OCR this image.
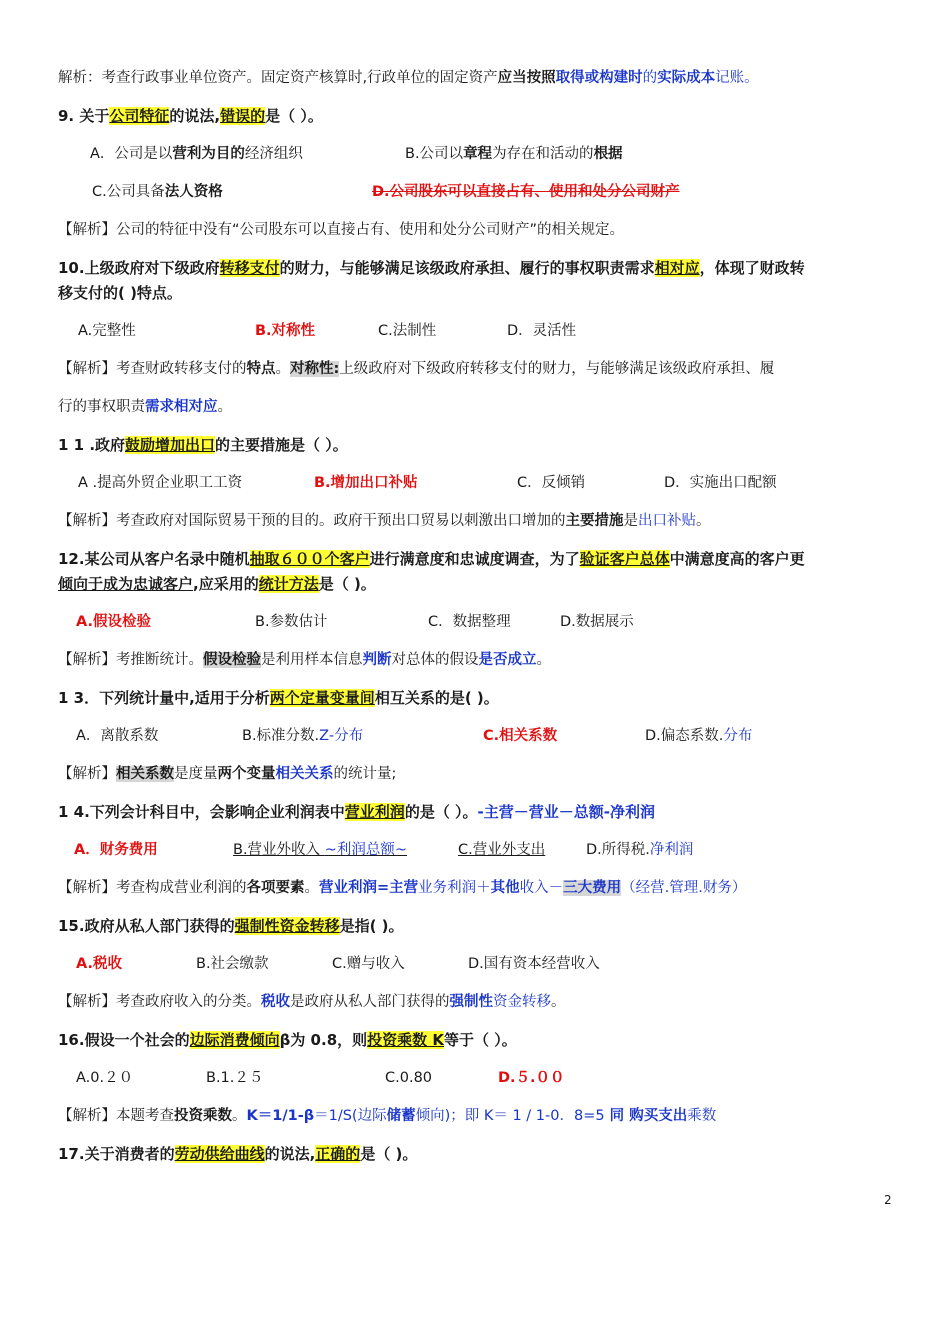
解析：考查行政事业单位资产。固定资产核算时,行政单位的固定资产应当按照取得或构建时的实际成本记账。
9. 关于公司特征的说法,错误的是（ ）。
A．公司是以营利为目的经济组织	B.公司以章程为存在和活动的根据
C.公司具备法人资格	D.公司股东可以直接占有、使用和处分公司财产
【解析】公司的特征中没有“公司股东可以直接占有、使用和处分公司财产”的相关规定。
10.上级政府对下级政府转移支付的财力，与能够满足该级政府承担、履行的事权职责需求相对应，体现了财政转
移支付的( )特点。
A.完整性	B.对称性	C.法制性	D．灵活性
【解析】考查财政转移支付的特点。对称性:上级政府对下级政府转移支付的财力，与能够满足该级政府承担、履
行的事权职责需求相对应。
1 1 .政府鼓励增加出口的主要措施是（ ）。
A .提高外贸企业职工工资	B.增加出口补贴	C．反倾销	D．实施出口配额
【解析】考查政府对国际贸易干预的目的。政府干预出口贸易以刺激出口增加的主要措施是出口补贴。
12.某公司从客户名录中随机抽取６００个客户进行满意度和忠诚度调查，为了验证客户总体中满意度高的客户更
倾向于成为忠诚客户,应采用的统计方法是（ )。
A.假设检验	B.参数估计	C．数据整理	D.数据展示
【解析】考推断统计。假设检验是利用样本信息判断对总体的假设是否成立。
1 3．下列统计量中,适用于分析两个定量变量间相互关系的是( )。
A．离散系数	B.标准分数.Z-分布	C.相关系数	D.偏态系数.分布
【解析】相关系数是度量两个变量相关关系的统计量;
1 4.下列会计科目中，会影响企业利润表中营业利润的是（ ）。-主营－营业－总额-净利润
A．财务费用	B.营业外收入 ~利润总额~	C.营业外支出	D.所得税.净利润
【解析】考查构成营业利润的各项要素。营业利润=主营业务利润＋其他收入－三大费用（经营.管理.财务）
15.政府从私人部门获得的强制性资金转移是指( )。
A.税收	B.社会缴款	C.赠与收入	D.国有资本经营收入
【解析】考查政府收入的分类。税收是政府从私人部门获得的强制性资金转移。
16.假设一个社会的边际消费倾向β为 0.8，则投资乘数 K等于（ ）。
A.0.２０	B.1.２５	C.0.80	D.５.００
【解析】本题考查投资乘数。K＝1/1-β＝1/S(边际储蓄倾向)；即 K＝ 1 / 1-0．8=5 同 购买支出乘数
17.关于消费者的劳动供给曲线的说法,正确的是（ )。
2
